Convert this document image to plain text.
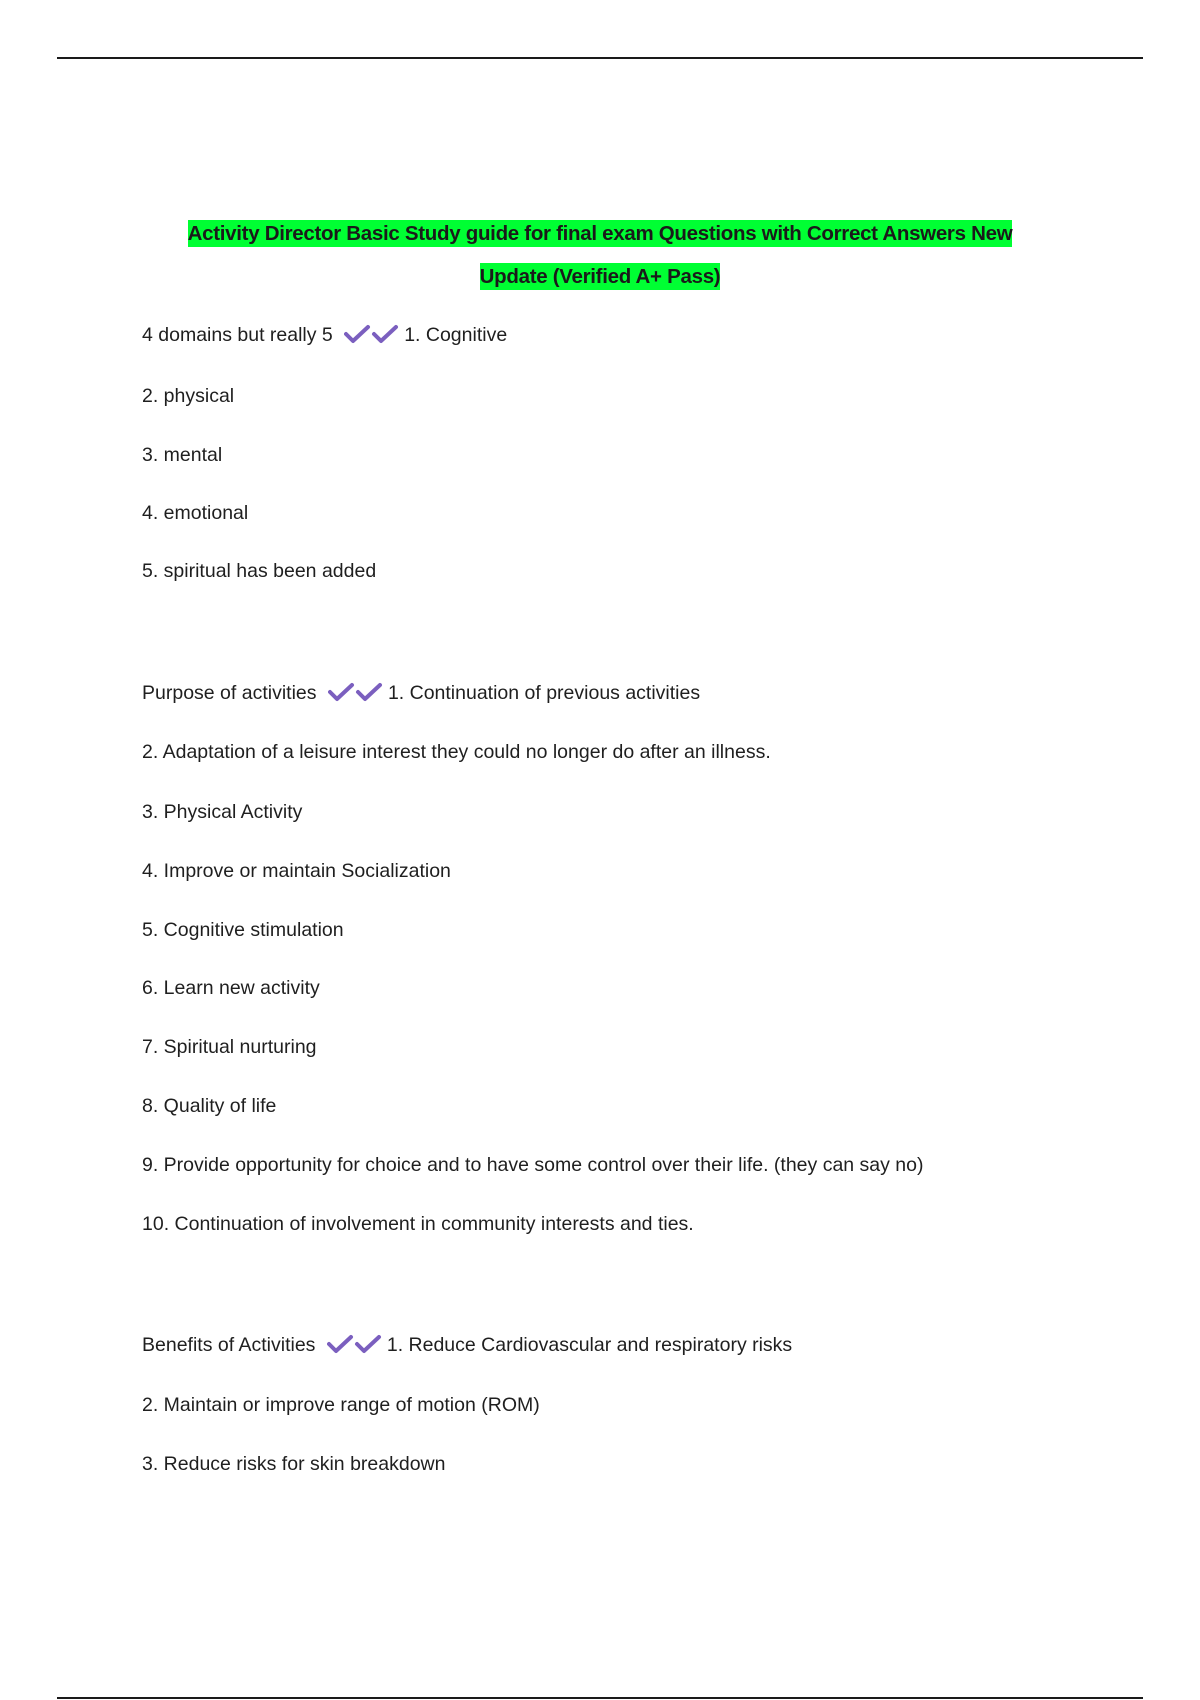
Activity Director Basic Study guide for final exam Questions with Correct Answers New
Update (Verified A+ Pass)
4 domains but really 5	1. Cognitive
2. physical
3. mental
4. emotional
5. spiritual has been added
Purpose of activities	1. Continuation of previous activities
2. Adaptation of a leisure interest they could no longer do after an illness.
3. Physical Activity
4. Improve or maintain Socialization
5. Cognitive stimulation
6. Learn new activity
7. Spiritual nurturing
8. Quality of life
9. Provide opportunity for choice and to have some control over their life. (they can say no)
10. Continuation of involvement in community interests and ties.
Benefits of Activities	1. Reduce Cardiovascular and respiratory risks
2. Maintain or improve range of motion (ROM)
3. Reduce risks for skin breakdown
